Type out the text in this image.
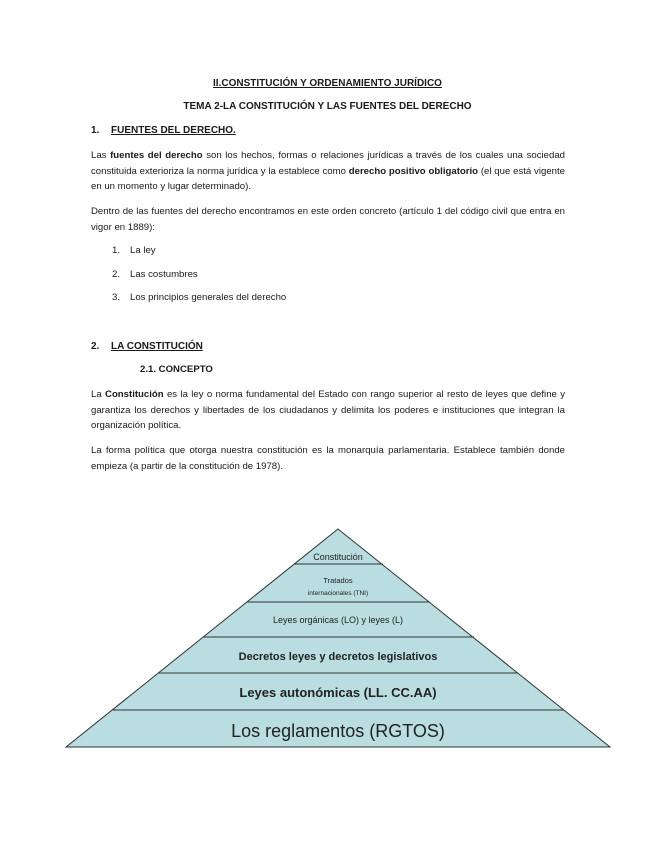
II.CONSTITUCIÓN Y ORDENAMIENTO JURÍDICO
TEMA 2-LA CONSTITUCIÓN Y LAS FUENTES DEL DERECHO
1. FUENTES DEL DERECHO.

Las fuentes del derecho son los hechos, formas o relaciones jurídicas a través de los cuales una sociedad constituida exterioriza la norma jurídica y la establece como derecho positivo obligatorio (el que está vigente en un momento y lugar determinado).

Dentro de las fuentes del derecho encontramos en este orden concreto (artículo 1 del código civil que entra en vigor en 1889):

1. La ley
2. Las costumbres
3. Los principios generales del derecho
2. LA CONSTITUCIÓN
2.1. CONCEPTO

La Constitución es la ley o norma fundamental del Estado con rango superior al resto de leyes que define y garantiza los derechos y libertades de los ciudadanos y delimita los poderes e instituciones que integran la organización política.

La forma política que otorga nuestra constitución es la monarquía parlamentaria. Establece también donde empieza (a partir de la constitución de 1978).

Constitución
Tratados
internacionales (TNI)
Leyes orgánicas (LO) y leyes (L)
Decretos leyes y decretos legislativos
Leyes autonómicas (LL. CC.AA)
Los reglamentos (RGTOS)
